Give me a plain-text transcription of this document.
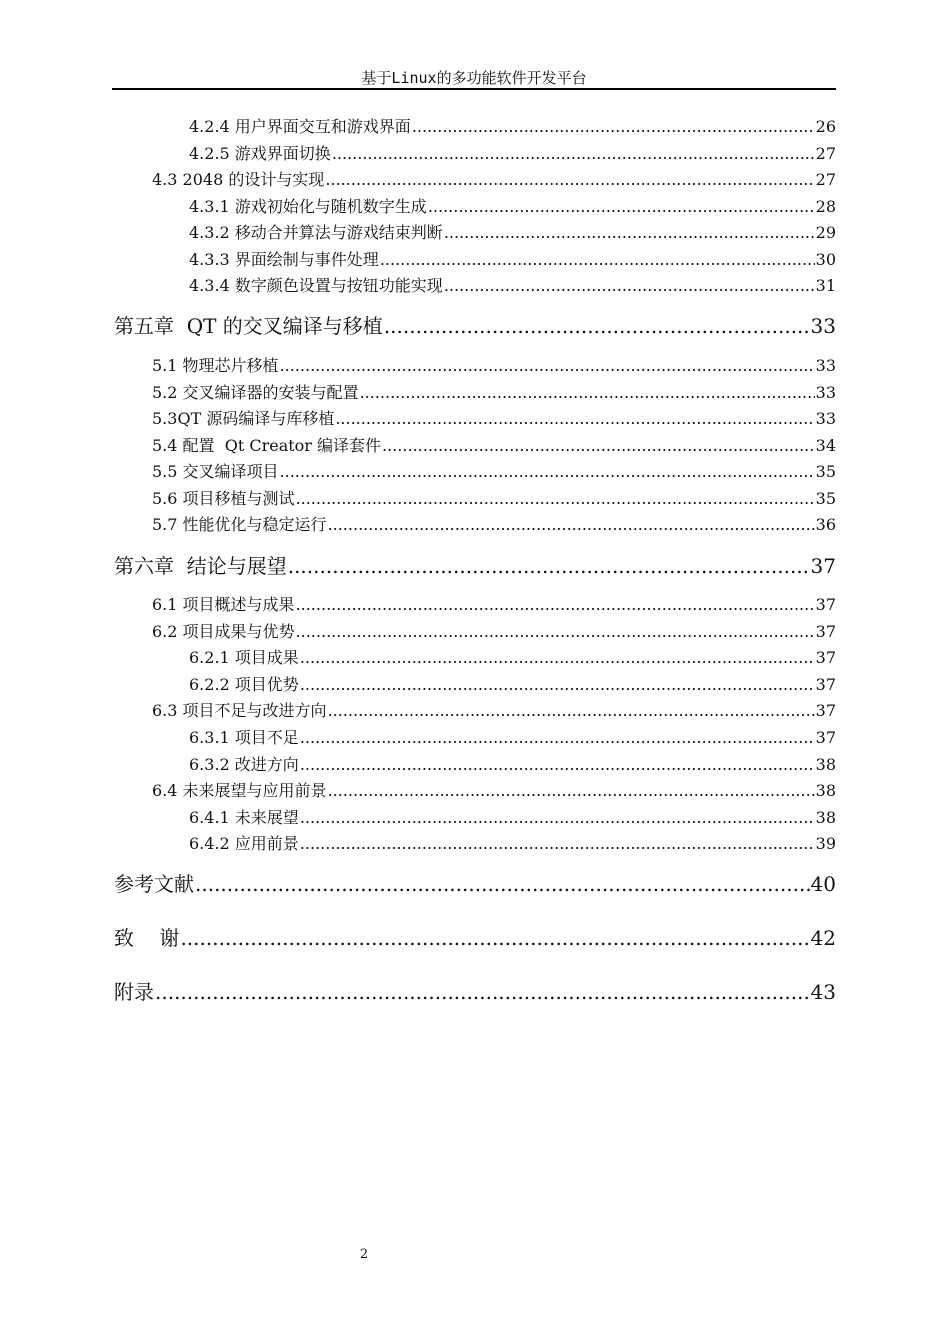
基于Linux的多功能软件开发平台
4.2.4 用户界面交互和游戏界面 .....	26
4.2.5 游戏界面切换 .....	27
4.3 2048 的设计与实现 .....	27
4.3.1 游戏初始化与随机数字生成 .....	28
4.3.2 移动合并算法与游戏结束判断 .....	29
4.3.3 界面绘制与事件处理 .....	30
4.3.4 数字颜色设置与按钮功能实现 .....	31
第五章  QT 的交叉编译与移植 .....	33
5.1 物理芯片移植 .....	33
5.2 交叉编译器的安装与配置 .....	33
5.3QT 源码编译与库移植 .....	33
5.4 配置  Qt Creator 编译套件 .....	34
5.5 交叉编译项目 .....	35
5.6 项目移植与测试 .....	35
5.7 性能优化与稳定运行 .....	36
第六章  结论与展望 .....	37
6.1 项目概述与成果 .....	37
6.2 项目成果与优势 .....	37
6.2.1 项目成果 .....	37
6.2.2 项目优势 .....	37
6.3 项目不足与改进方向 .....	37
6.3.1 项目不足 .....	37
6.3.2 改进方向 .....	38
6.4 未来展望与应用前景 .....	38
6.4.1 未来展望 .....	38
6.4.2 应用前景 .....	39
参考文献 .....	40
致    谢 .....	42
附录 .....	43
2
